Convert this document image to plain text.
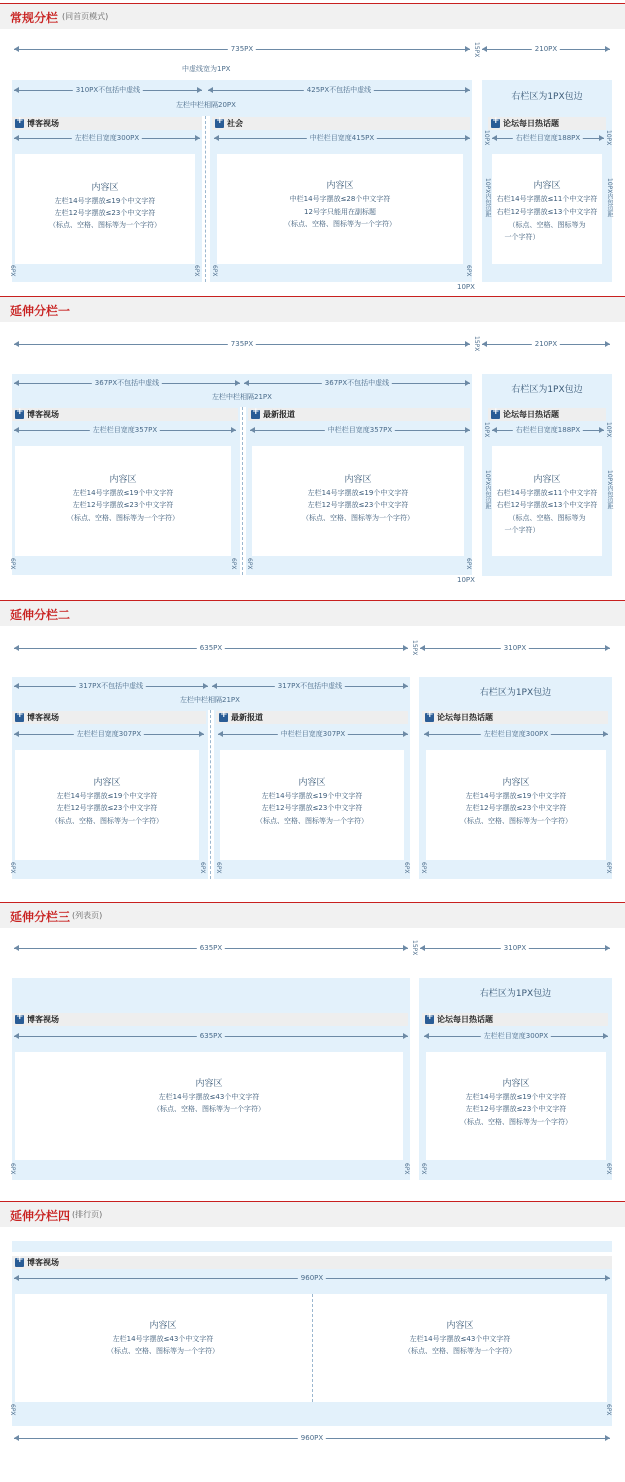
常规分栏 (同首页模式)
735PX	15PX	210PX
中虚线宽为1PX
310PX不包括中虚线	425PX不包括中虚线
左栏中栏相隔20PX
右栏区为1PX包边
+
博客视场
左栏栏目宽度300PX
内容区
左栏14号字摆放≤19个中文字符
左栏12号字摆放≤23个中文字符
（标点、空格、图标等为一个字符）
6PX	6PX
+
社会
中栏栏目宽度415PX
内容区
中栏14号字摆放≤28个中文字符
12号字只能用在副标题
（标点、空格、图标等为一个字符）
6PX	6PX
10PX
+
论坛每日热话题
10PX	10PX
右栏栏目宽度188PX
10PX内包边距	10PX内包边距
内容区
右栏14号字摆放≤11个中文字符
右栏12号字摆放≤13个中文字符
（标点、空格、图标等为
一个字符）
延伸分栏一
735PX	15PX	210PX
367PX不包括中虚线	367PX不包括中虚线
左栏中栏相隔21PX
右栏区为1PX包边
+
博客视场
左栏栏目宽度357PX
内容区
左栏14号字摆放≤19个中文字符
左栏12号字摆放≤23个中文字符
（标点、空格、图标等为一个字符）
6PX	6PX
+
最新报道
中栏栏目宽度357PX
内容区
左栏14号字摆放≤19个中文字符
左栏12号字摆放≤23个中文字符
（标点、空格、图标等为一个字符）
6PX	6PX
10PX
+
论坛每日热话题
10PX	10PX
右栏栏目宽度188PX
10PX内包边距	10PX内包边距
内容区
右栏14号字摆放≤11个中文字符
右栏12号字摆放≤13个中文字符
（标点、空格、图标等为
一个字符）
延伸分栏二
635PX	15PX	310PX
317PX不包括中虚线	317PX不包括中虚线
左栏中栏相隔21PX
右栏区为1PX包边
+
博客视场
左栏栏目宽度307PX
内容区
左栏14号字摆放≤19个中文字符
左栏12号字摆放≤23个中文字符
（标点、空格、图标等为一个字符）
6PX	6PX
+
最新报道
中栏栏目宽度307PX
内容区
左栏14号字摆放≤19个中文字符
左栏12号字摆放≤23个中文字符
（标点、空格、图标等为一个字符）
6PX	6PX
+
论坛每日热话题
左栏栏目宽度300PX
内容区
左栏14号字摆放≤19个中文字符
左栏12号字摆放≤23个中文字符
（标点、空格、图标等为一个字符）
6PX	6PX
延伸分栏三 (列表页)
635PX	15PX	310PX
右栏区为1PX包边
+
博客视场
635PX
内容区
左栏14号字摆放≤43个中文字符
（标点、空格、图标等为一个字符）
6PX	6PX
+
论坛每日热话题
左栏栏目宽度300PX
内容区
左栏14号字摆放≤19个中文字符
左栏12号字摆放≤23个中文字符
（标点、空格、图标等为一个字符）
6PX	6PX
延伸分栏四 (排行页)
+
博客视场
960PX
内容区
左栏14号字摆放≤43个中文字符
（标点、空格、图标等为一个字符）
内容区
左栏14号字摆放≤43个中文字符
（标点、空格、图标等为一个字符）
6PX	6PX
960PX
